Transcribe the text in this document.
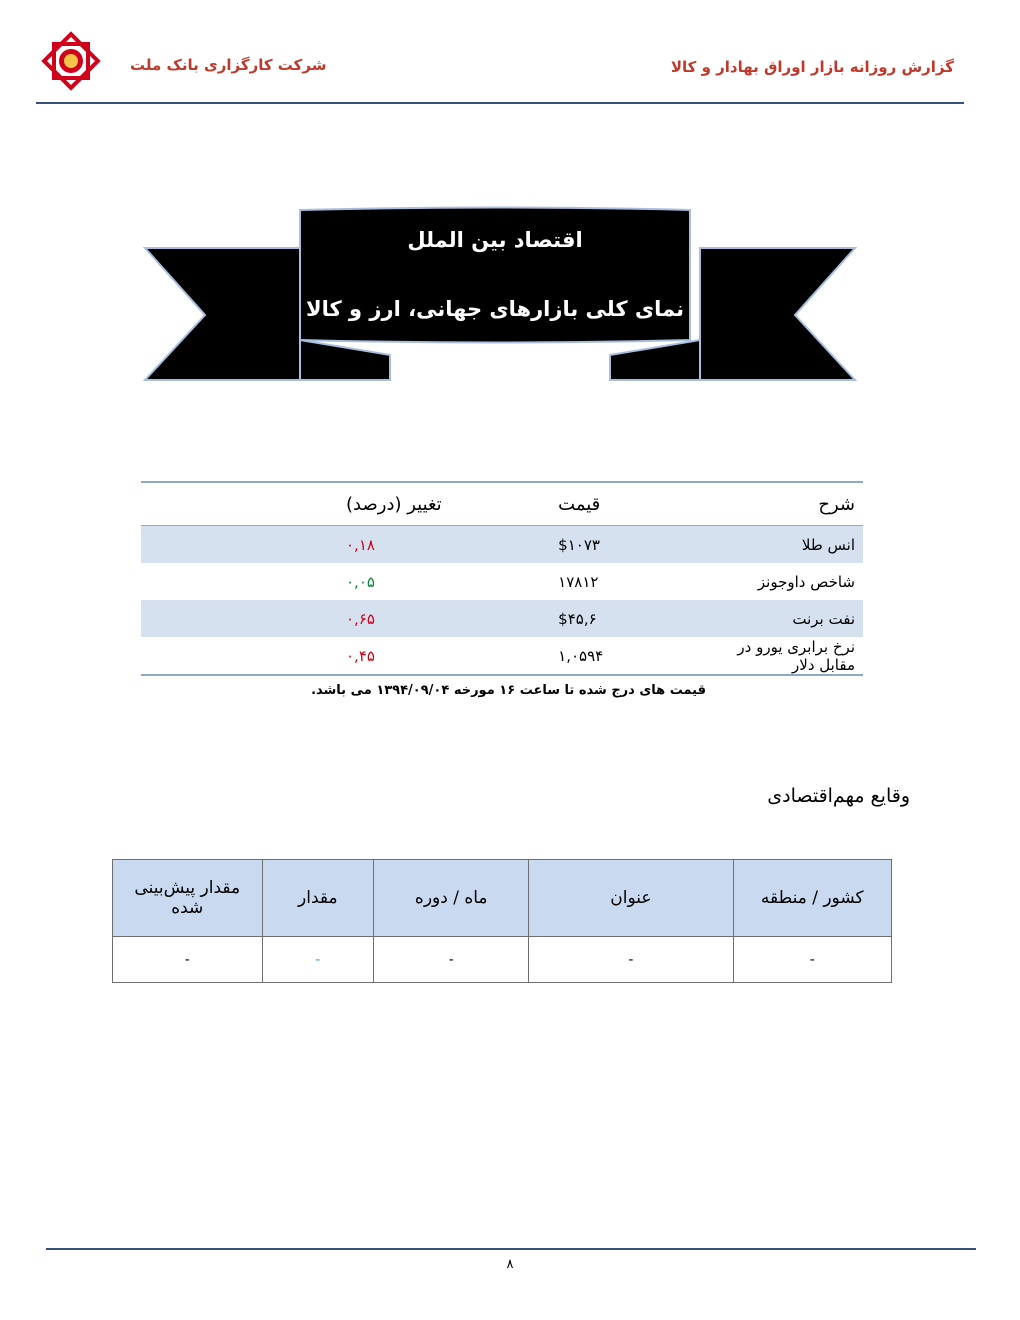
شرکت کارگزاری بانک ملت	گزارش روزانه بازار اوراق بهادار و کالا
اقتصاد بین الملل
نمای کلی بازارهای جهانی، ارز و کالا
شرح	قیمت	تغییر (درصد)
انس طلا	$۱۰۷۳	۰,۱۸
شاخص داوجونز	۱۷۸۱۲	۰,۰۵
نفت برنت	$۴۵,۶	۰,۶۵
نرخ برابری یورو در مقابل دلار	۱,۰۵۹۴	۰,۴۵
قیمت های درج شده تا ساعت ۱۶ مورخه ۱۳۹۴/۰۹/۰۴ می باشد.
وقایع مهم‌اقتصادی
کشور / منطقه	عنوان	ماه / دوره	مقدار	مقدار پیش‌بینی شده
-	-	-	-	-
۸
